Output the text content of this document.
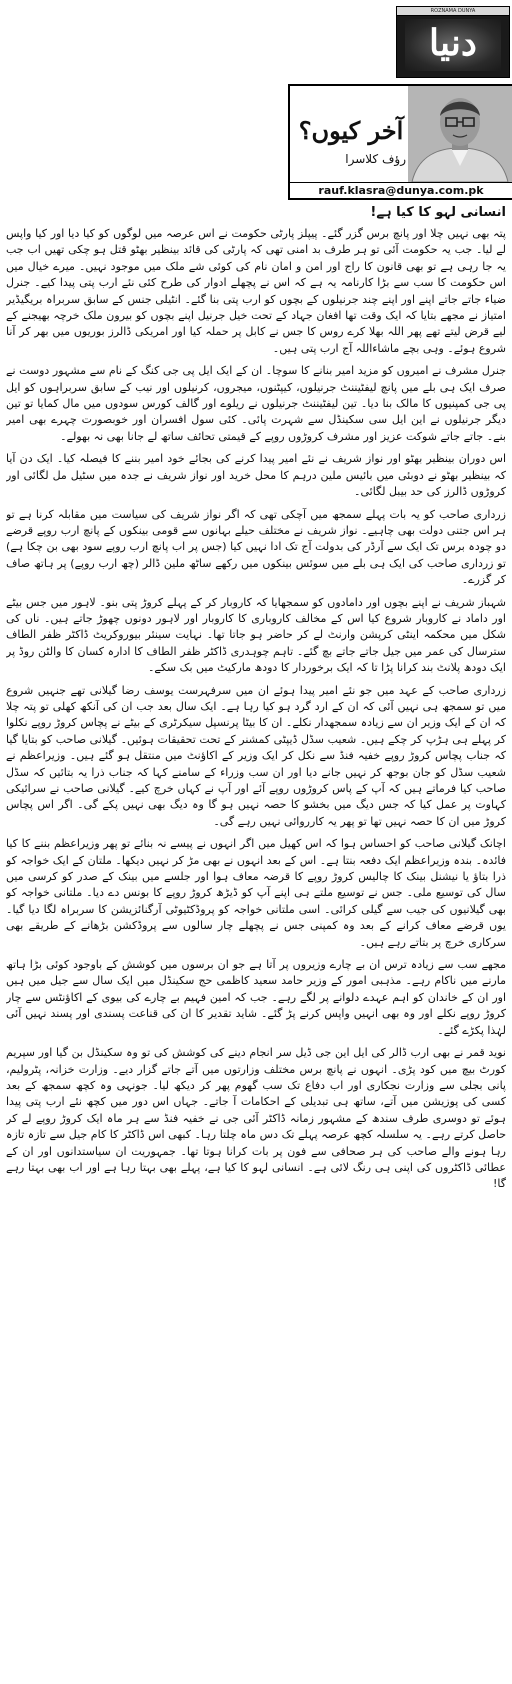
ROZNAMA DUNYA
دنیا
آخر کیوں؟
رؤف کلاسرا
rauf.klasra@dunya.com.pk
انسانی لہو کا کیا ہے!

پتہ بھی نہیں چلا اور پانچ برس گزر گئے۔ پیپلز پارٹی حکومت نے اس عرصہ میں لوگوں کو کیا دیا اور کیا واپس لے لیا۔ جب یہ حکومت آئی تو ہر طرف بد امنی تھی کہ پارٹی کی قائد بینظیر بھٹو قتل ہو چکی تھیں اب جب یہ جا رہی ہے تو بھی قانون کا راج اور امن و امان نام کی کوئی شے ملک میں موجود نہیں۔ میرے خیال میں اس حکومت کا سب سے بڑا کارنامہ یہ ہے کہ اس نے پچھلے ادوار کی طرح کئی نئے ارب پتی پیدا کیے۔ جنرل ضیاء جاتے جاتے اپنے اور اپنے چند جرنیلوں کے بچوں کو ارب پتی بنا گئے۔ انٹیلی جنس کے سابق سربراہ بریگیڈیر امتیاز نے مجھے بتایا کہ ایک وقت تھا افغان جہاد کے تحت خیل جرنیل اپنے بچوں کو بیرون ملک خرچہ بھیجنے کے لیے قرض لیتے تھے پھر اللہ بھلا کرے روس کا جس نے کابل پر حملہ کیا اور امریکی ڈالرز بوریوں میں بھر کر آنا شروع ہوئے۔ وہی بچے ماشاءاللہ آج ارب پتی ہیں۔

جنرل مشرف نے امیروں کو مزید امیر بنانے کا سوچا۔ ان کے ایک ایل پی جی کنگ کے نام سے مشہور دوست نے صرف ایک ہی بلے میں پانچ لیفٹیننٹ جرنیلوں، کیپٹنوں، میجروں، کرنیلوں اور نیب کے سابق سربراہوں کو ایل پی جی کمپنیوں کا مالک بنا دیا۔ تین لیفٹیننٹ جرنیلوں نے ریلوے اور گالف کورس سودوں میں مال کمایا تو تین دیگر جرنیلوں نے این ایل سی سکینڈل سے شہرت پائی۔ کئی سول افسران اور خوبصورت چہرے بھی امیر بنے۔ جاتے جاتے شوکت عزیز اور مشرف کروڑوں روپے کے قیمتی تحائف ساتھ لے جانا بھی نہ بھولے۔

اس دوران بینظیر بھٹو اور نواز شریف نے نئے امیر پیدا کرنے کی بجائے خود امیر بننے کا فیصلہ کیا۔ ایک دن آیا کہ بینظیر بھٹو نے دوبئی میں بائیس ملین درہم کا محل خرید اور نواز شریف نے جدہ میں سٹیل مل لگائی اور کروڑوں ڈالرز کی حد بیبل لگائی۔

زرداری صاحب کو یہ بات پہلے سمجھ میں آچکی تھی کہ اگر نواز شریف کی سیاست میں مقابلہ کرنا ہے تو ہر اس جتنی دولت بھی چاہیے۔ نواز شریف نے مختلف حیلے بہانوں سے قومی بینکوں کے پانچ ارب روپے قرضے دو چودہ برس تک ایک سے آرڈر کی بدولت آج تک ادا نہیں کیا (جس پر اب پانچ ارب روپے سود بھی بن چکا ہے) تو زرداری صاحب کی ایک ہی بلے میں سوئس بینکوں میں رکھے ساٹھ ملین ڈالر (چھ ارب روپے) پر ہاتھ صاف کر گزرے۔

شہباز شریف نے اپنے بچوں اور دامادوں کو سمجھایا کہ کاروبار کر کے پہلے کروڑ پتی بنو۔ لاہور میں جس بیٹے اور داماد نے کاروبار شروع کیا اس کے مخالف کاروباری کا کاروبار اور لاہور دونوں چھوڑ جاتے ہیں۔ ناں کی شکل میں محکمہ اینٹی کرپشن وارنٹ لے کر حاضر ہو جاتا تھا۔ نہایت سینئر بیوروکریٹ ڈاکٹر ظفر الطاف سترسال کی عمر میں جیل جاتے جاتے بچ گئے۔ تاہم چوہدری ڈاکٹر ظفر الطاف کا ادارہ کسان کا والٹن روڈ پر ایک دودھ پلانٹ بند کرانا پڑا تا کہ ایک برخوردار کا دودھ مارکیٹ میں بک سکے۔

زرداری صاحب کے عہد میں جو نئے امیر پیدا ہوئے ان میں سرفہرست یوسف رضا گیلانی تھے جنہیں شروع میں تو سمجھ ہی نہیں آئی کہ ان کے ارد گرد ہو کیا رہا ہے۔ ایک سال بعد جب ان کی آنکھ کھلی تو پتہ چلا کہ ان کے ایک وزیر ان سے زیادہ سمجھدار نکلے۔ ان کا بیٹا پرنسپل سیکرٹری کے بیٹے نے پچاس کروڑ روپے نکلوا کر پہلے ہی ہڑپ کر چکے ہیں۔ شعیب سڈل ڈیپٹی کمشنر کے تحت تحقیقات ہوئیں۔ گیلانی صاحب کو بتایا گیا کہ جناب پچاس کروڑ روپے خفیہ فنڈ سے نکل کر ایک وزیر کے اکاؤنٹ میں منتقل ہو گئے ہیں۔ وزیراعظم نے شعیب سڈل کو جان بوجھ کر نہیں جانے دیا اور ان سب وزراء کے سامنے کہا کہ جناب ذرا یہ بتائیں کہ سڈل صاحب کیا فرماتے ہیں کہ آپ کے پاس کروڑوں روپے آئے اور آپ نے کہاں خرچ کیے۔ گیلانی صاحب نے سرائیکی کہاوت پر عمل کیا کہ جس دیگ میں بخشو کا حصہ نہیں ہو گا وہ دیگ بھی نہیں پکے گی۔ اگر اس پچاس کروڑ میں ان کا حصہ نہیں تھا تو پھر یہ کارروائی نہیں رہے گی۔

اچانک گیلانی صاحب کو احساس ہوا کہ اس کھیل میں اگر انہوں نے پیسے نہ بنائے تو پھر وزیراعظم بننے کا کیا فائدہ۔ بندہ وزیراعظم ایک دفعہ بنتا ہے۔ اس کے بعد انہوں نے بھی مڑ کر نہیں دیکھا۔ ملتان کے ایک خواجہ کو ذرا بتاؤ یا نیشنل بینک کا چالیس کروڑ روپے کا قرضہ معاف ہوا اور جلسے میں بینک کے صدر کو کرسی میں سال کی توسیع ملی۔ جس نے توسیع ملتے ہی اپنے آپ کو ڈیڑھ کروڑ روپے کا بونس دے دیا۔ ملتانی خواجہ کو بھی گیلانیوں کی جیب سے گیلی کرائی۔ اسی ملتانی خواجہ کو پروڈکٹیوٹی آرگنائزیشن کا سربراہ لگا دیا گیا۔ یوں قرضے معاف کرانے کے بعد وہ کمپنی جس نے پچھلے چار سالوں سے پروڈکشن بڑھانے کے طریقے بھی سرکاری خرچ پر بتاتے رہے ہیں۔

مجھے سب سے زیادہ ترس ان بے چارے وزیروں پر آتا ہے جو ان برسوں میں کوشش کے باوجود کوئی بڑا ہاتھ مارنے میں ناکام رہے۔ مذہبی امور کے وزیر حامد سعید کاظمی حج سکینڈل میں ایک سال سے جیل میں ہیں اور ان کے خاندان کو اہم عہدے دلوانے پر لگے رہے۔ جب کہ امین فہیم بے چارے کی بیوی کے اکاؤنٹس سے چار کروڑ روپے نکلے اور وہ بھی انہیں واپس کرنے پڑ گئے۔ شاید تقدیر کا ان کی قناعت پسندی اور پسند نہیں آئی لہٰذا پکڑے گئے۔

نوید قمر نے بھی ارب ڈالر کی ایل این جی ڈیل سر انجام دینے کی کوشش کی تو وہ سکینڈل بن گیا اور سپریم کورٹ بیچ میں کود پڑی۔ انہوں نے پانچ برس مختلف وزارتوں میں آتے جاتے گزار دیے۔ وزارت خزانہ، پٹرولیم، پانی بجلی سے وزارت نجکاری اور اب دفاع تک سب گھوم پھر کر دیکھ لیا۔ جونہی وہ کچھ سمجھ کے بعد کسی کی پوزیشن میں آتے، ساتھ ہی تبدیلی کے احکامات آ جاتے۔ جہاں اس دور میں کچھ نئے ارب پتی پیدا ہوئے تو دوسری طرف سندھ کے مشہور زمانہ ڈاکٹر آئی جی نے خفیہ فنڈ سے ہر ماہ ایک کروڑ روپے لے کر حاصل کرتے رہے۔ یہ سلسلہ کچھ عرصہ پہلے تک دس ماہ چلتا رہا۔ کبھی اس ڈاکٹر کا کام جیل سے تازہ تازہ رہا ہونے والے صاحب کی ہر صحافی سے فون پر بات کرانا ہوتا تھا۔ جمہوریت ان سیاستدانوں اور ان کے عطائی ڈاکٹروں کی اپنی ہی رنگ لائی ہے۔ انسانی لہو کا کیا ہے، پہلے بھی بہتا رہا ہے اور اب بھی بہتا رہے گا!
